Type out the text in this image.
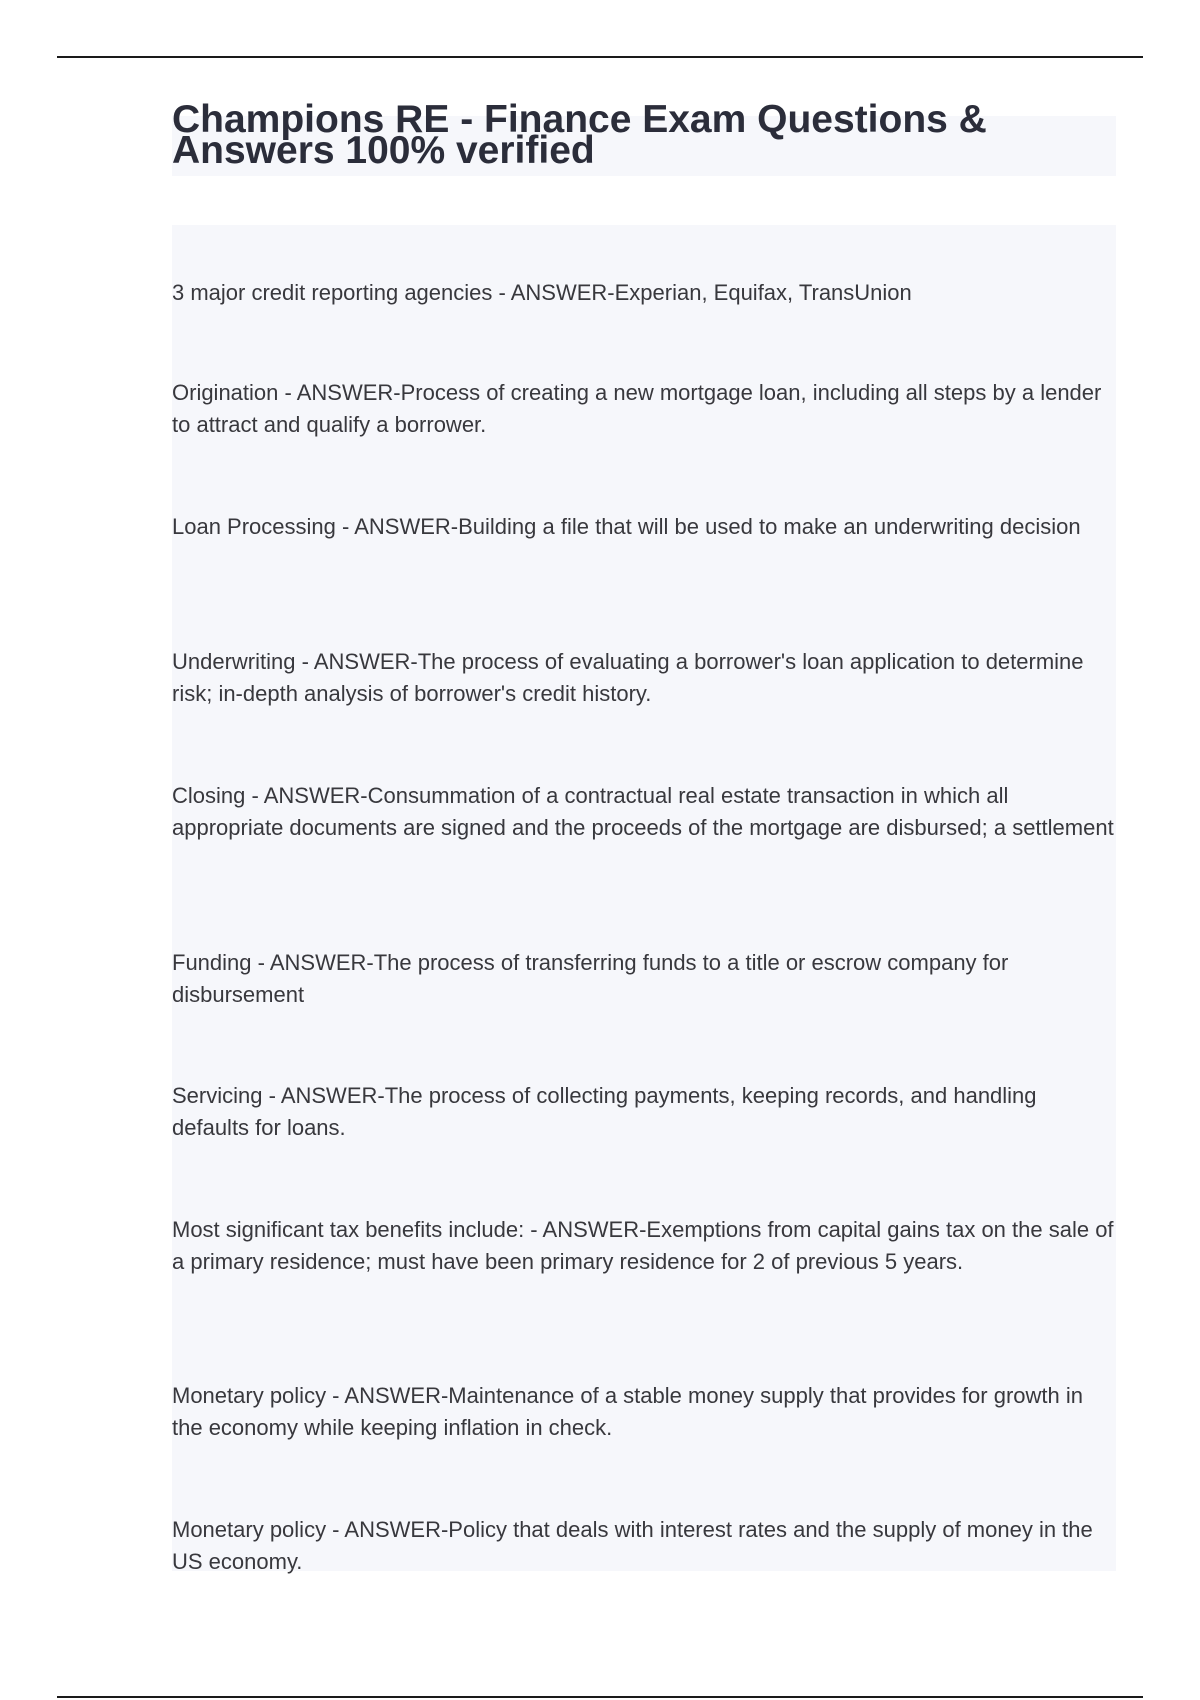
Champions RE - Finance Exam Questions & Answers 100% verified
3 major credit reporting agencies - ANSWER-Experian, Equifax, TransUnion
Origination - ANSWER-Process of creating a new mortgage loan, including all steps by a lender to attract and qualify a borrower.
Loan Processing - ANSWER-Building a file that will be used to make an underwriting decision
Underwriting - ANSWER-The process of evaluating a borrower's loan application to determine risk; in-depth analysis of borrower's credit history.
Closing - ANSWER-Consummation of a contractual real estate transaction in which all appropriate documents are signed and the proceeds of the mortgage are disbursed; a settlement
Funding - ANSWER-The process of transferring funds to a title or escrow company for disbursement
Servicing - ANSWER-The process of collecting payments, keeping records, and handling defaults for loans.
Most significant tax benefits include: - ANSWER-Exemptions from capital gains tax on the sale of a primary residence; must have been primary residence for 2 of previous 5 years.
Monetary policy - ANSWER-Maintenance of a stable money supply that provides for growth in the economy while keeping inflation in check.
Monetary policy - ANSWER-Policy that deals with interest rates and the supply of money in the US economy.
